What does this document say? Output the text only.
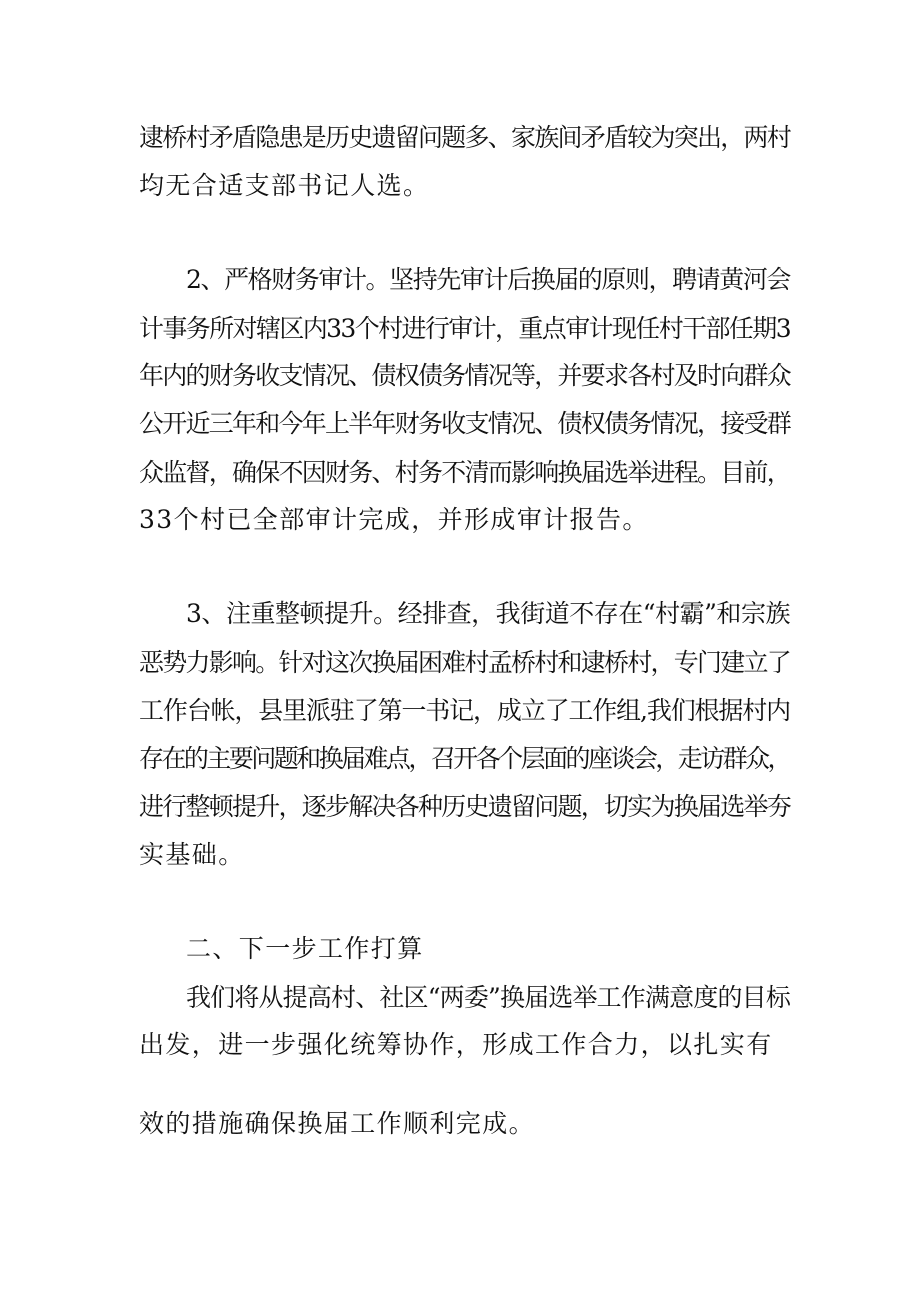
逮桥村矛盾隐患是历史遗留问题多、家族间矛盾较为突出，两村
均无合适支部书记人选。
2、严格财务审计。坚持先审计后换届的原则，聘请黄河会
计事务所对辖区内33个村进行审计，重点审计现任村干部任期3
年内的财务收支情况、债权债务情况等，并要求各村及时向群众
公开近三年和今年上半年财务收支情况、债权债务情况，接受群
众监督，确保不因财务、村务不清而影响换届选举进程。目前，
33个村已全部审计完成，并形成审计报告。
3、注重整顿提升。经排查，我街道不存在“村霸”和宗族
恶势力影响。针对这次换届困难村孟桥村和逮桥村，专门建立了
工作台帐，县里派驻了第一书记，成立了工作组,我们根据村内
存在的主要问题和换届难点，召开各个层面的座谈会，走访群众，
进行整顿提升，逐步解决各种历史遗留问题，切实为换届选举夯
实基础。
二、下一步工作打算
我们将从提高村、社区“两委”换届选举工作满意度的目标
出发，进一步强化统筹协作，形成工作合力，以扎实有
效的措施确保换届工作顺利完成。
